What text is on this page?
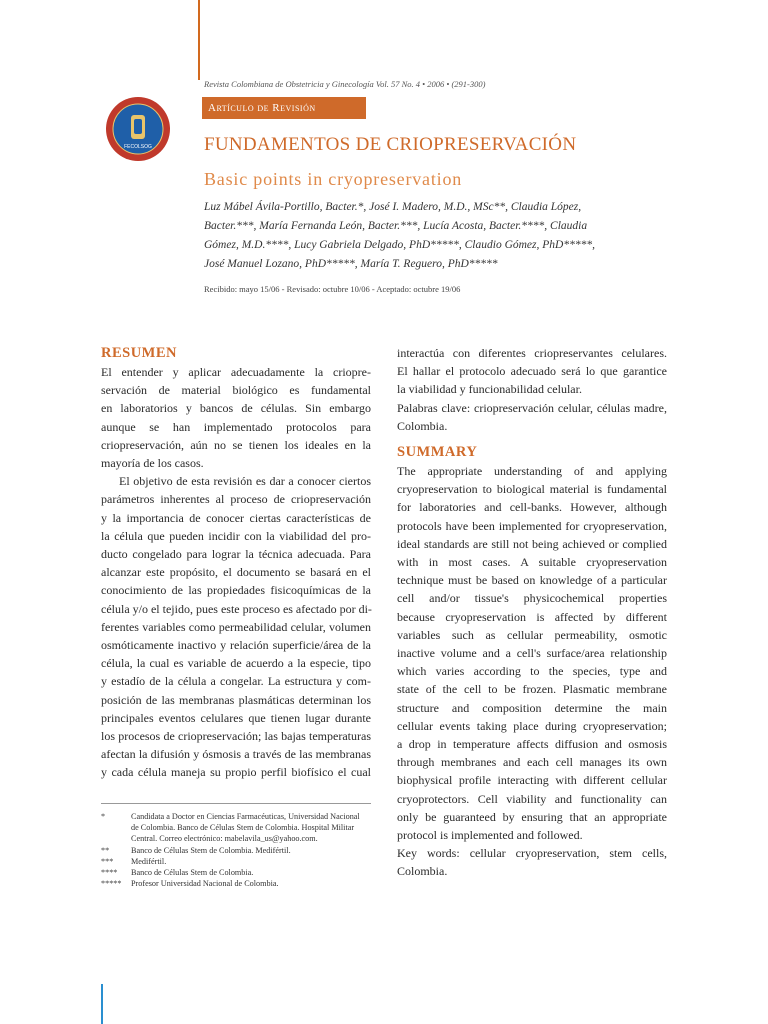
FECOLSOG
Revista Colombiana de Obstetricia y Ginecología Vol. 57 No. 4 • 2006 • (291-300)
Artículo de Revisión
FUNDAMENTOS DE CRIOPRESERVACIÓN
Basic points in cryopreservation
Luz Mábel Ávila-Portillo, Bacter.*, José I. Madero, M.D., MSc**, Claudia López,
Bacter.***, María Fernanda León, Bacter.***, Lucía Acosta, Bacter.****, Claudia
Gómez, M.D.****, Lucy Gabriela Delgado, PhD*****, Claudio Gómez, PhD*****,
José Manuel Lozano, PhD*****, María T. Reguero, PhD*****
Recibido: mayo 15/06 - Revisado: octubre 10/06 - Aceptado: octubre 19/06
RESUMEN
El entender y aplicar adecuadamente la criopre-
servación de material biológico es fundamental
en laboratorios y bancos de células. Sin embargo
aunque se han implementado protocolos para
criopreservación, aún no se tienen los ideales en la
mayoría de los casos.
El objetivo de esta revisión es dar a conocer ciertos
parámetros inherentes al proceso de criopreservación
y la importancia de conocer ciertas características de
la célula que pueden incidir con la viabilidad del pro-
ducto congelado para lograr la técnica adecuada. Para
alcanzar este propósito, el documento se basará en el
conocimiento de las propiedades fisicoquímicas de la
célula y/o el tejido, pues este proceso es afectado por di-
ferentes variables como permeabilidad celular, volumen
osmóticamente inactivo y relación superficie/área de la
célula, la cual es variable de acuerdo a la especie, tipo
y estadío de la célula a congelar. La estructura y com-
posición de las membranas plasmáticas determinan los
principales eventos celulares que tienen lugar durante
los procesos de criopreservación; las bajas temperaturas
afectan la difusión y ósmosis a través de las membranas
y cada célula maneja su propio perfil biofísico el cual
interactúa con diferentes criopreservantes celulares.
El hallar el protocolo adecuado será lo que garantice
la viabilidad y funcionabilidad celular.
Palabras clave: criopreservación celular, células madre, Colombia.
SUMMARY
The appropriate understanding of and applying
cryopreservation to biological material is fundamental
for laboratories and cell-banks. However, although
protocols have been implemented for cryopreservation,
ideal standards are still not being achieved or complied
with in most cases. A suitable cryopreservation
technique must be based on knowledge of a particular
cell and/or tissue's physicochemical properties
because cryopreservation is affected by different
variables such as cellular permeability, osmotic
inactive volume and a cell's surface/area relationship
which varies according to the species, type and
state of the cell to be frozen. Plasmatic membrane
structure and composition determine the main
cellular events taking place during cryopreservation;
a drop in temperature affects diffusion and osmosis
through membranes and each cell manages its own
biophysical profile interacting with different cellular
cryoprotectors. Cell viability and functionality can
only be guaranteed by ensuring that an appropriate
protocol is implemented and followed.
Key words: cellular cryopreservation, stem cells, Colombia.
*	Candidata a Doctor en Ciencias Farmacéuticas, Universidad Nacional
de Colombia. Banco de Células Stem de Colombia. Hospital Militar
Central. Correo electrónico: mabelavila_us@yahoo.com.
**	Banco de Células Stem de Colombia. Medifértil.
***	Medifértil.
****	Banco de Células Stem de Colombia.
*****	Profesor Universidad Nacional de Colombia.
